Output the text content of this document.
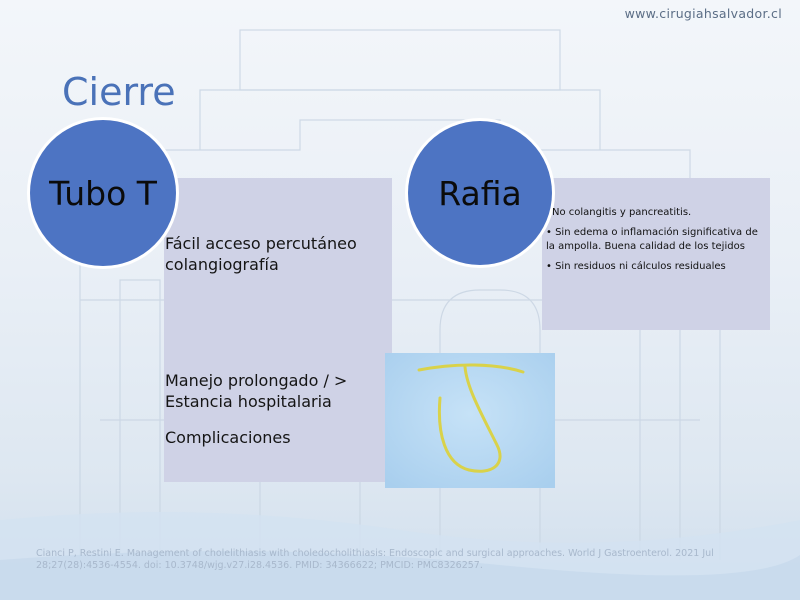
www.cirugiahsalvador.cl
Cierre
Tubo T	Rafia
Fácil acceso percutáneo colangiografía
Manejo prolongado / > Estancia hospitalaria
Complicaciones
No colangitis y pancreatitis.
• Sin edema o inflamación significativa de la ampolla. Buena calidad de los tejidos
• Sin residuos ni cálculos residuales
Cianci P, Restini E. Management of cholelithiasis with choledocholithiasis: Endoscopic and surgical approaches. World J Gastroenterol. 2021 Jul 28;27(28):4536-4554. doi: 10.3748/wjg.v27.i28.4536. PMID: 34366622; PMCID: PMC8326257.
